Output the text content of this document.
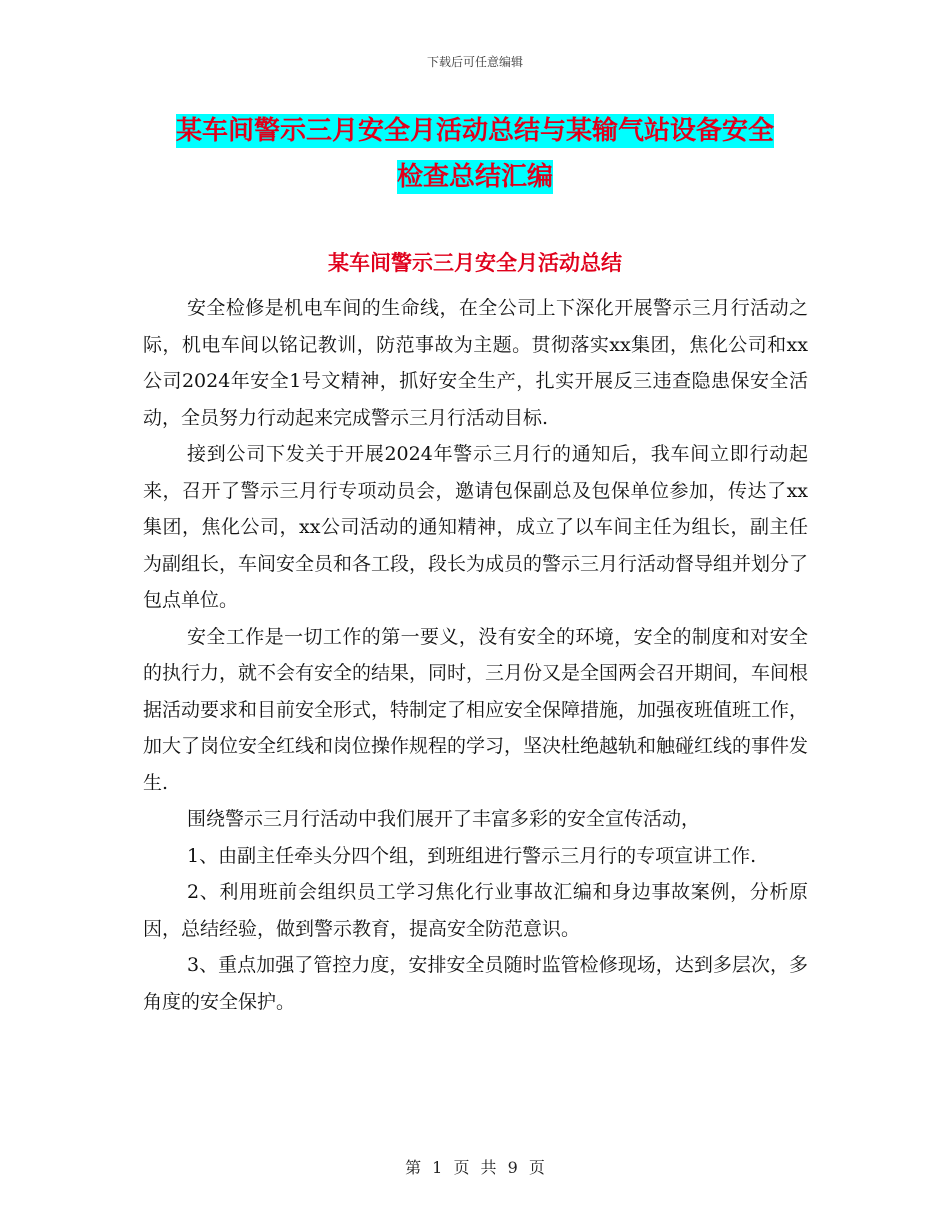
下载后可任意编辑
某车间警示三月安全月活动总结与某输气站设备安全
检查总结汇编
某车间警示三月安全月活动总结

安全检修是机电车间的生命线，在全公司上下深化开展警示三月行活动之际，机电车间以铭记教训，防范事故为主题。贯彻落实xx集团，焦化公司和xx公司2024年安全1号文精神，抓好安全生产，扎实开展反三违查隐患保安全活动，全员努力行动起来完成警示三月行活动目标.

接到公司下发关于开展2024年警示三月行的通知后，我车间立即行动起来，召开了警示三月行专项动员会，邀请包保副总及包保单位参加，传达了xx集团，焦化公司，xx公司活动的通知精神，成立了以车间主任为组长，副主任为副组长，车间安全员和各工段，段长为成员的警示三月行活动督导组并划分了包点单位。

安全工作是一切工作的第一要义，没有安全的环境，安全的制度和对安全的执行力，就不会有安全的结果，同时，三月份又是全国两会召开期间，车间根据活动要求和目前安全形式，特制定了相应安全保障措施，加强夜班值班工作，加大了岗位安全红线和岗位操作规程的学习，坚决杜绝越轨和触碰红线的事件发生.

围绕警示三月行活动中我们展开了丰富多彩的安全宣传活动，

1、由副主任牵头分四个组，到班组进行警示三月行的专项宣讲工作.

2、利用班前会组织员工学习焦化行业事故汇编和身边事故案例，分析原因，总结经验，做到警示教育，提高安全防范意识。

3、重点加强了管控力度，安排安全员随时监管检修现场，达到多层次，多角度的安全保护。

第 1 页 共 9 页
